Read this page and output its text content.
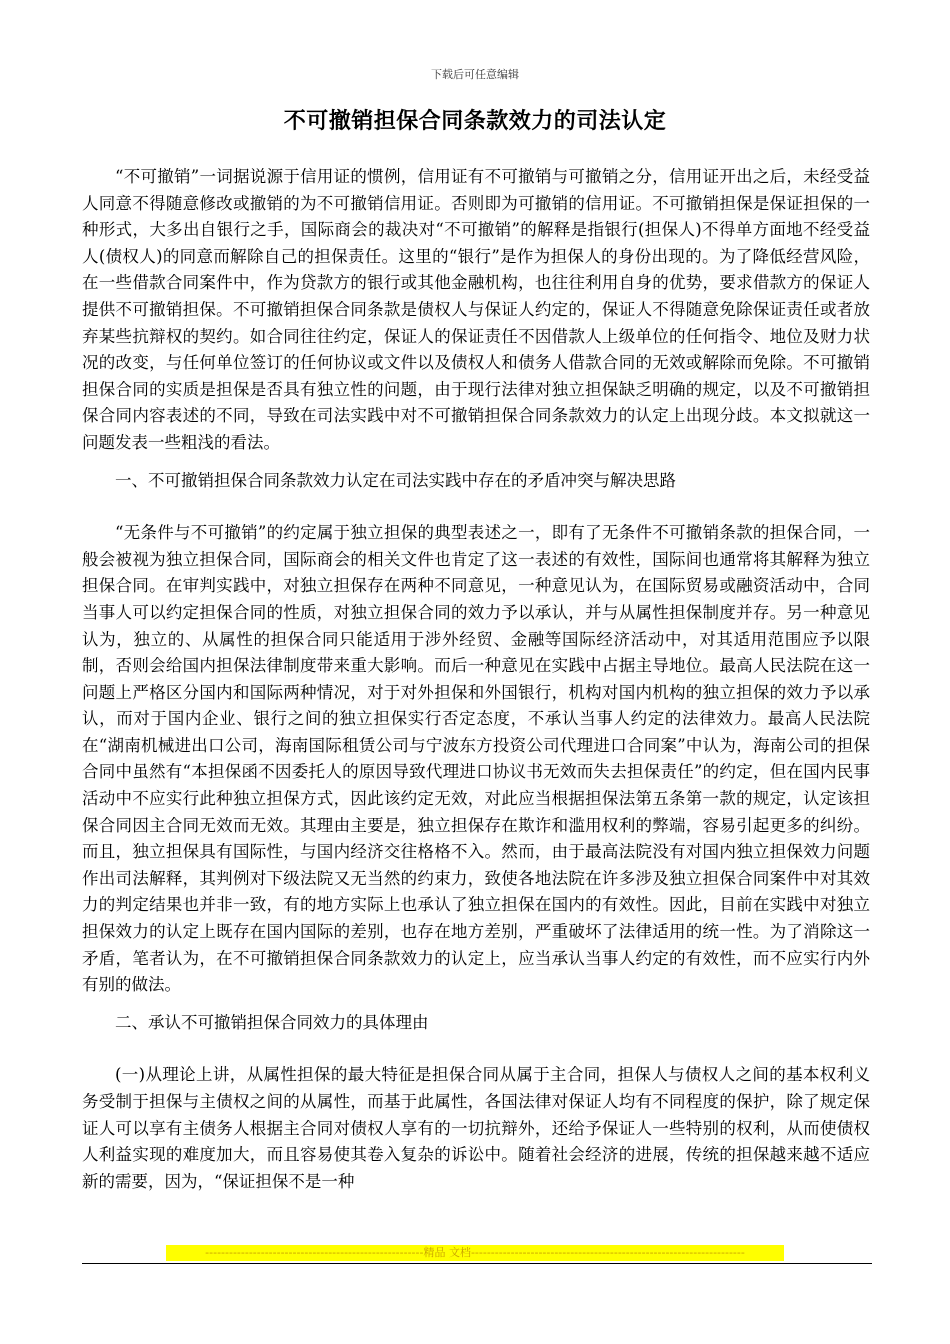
下载后可任意编辑
不可撤销担保合同条款效力的司法认定

“不可撤销”一词据说源于信用证的惯例，信用证有不可撤销与可撤销之分，信用证开出之后，未经受益人同意不得随意修改或撤销的为不可撤销信用证。否则即为可撤销的信用证。不可撤销担保是保证担保的一种形式，大多出自银行之手，国际商会的裁决对“不可撤销”的解释是指银行(担保人)不得单方面地不经受益人(债权人)的同意而解除自己的担保责任。这里的“银行”是作为担保人的身份出现的。为了降低经营风险，在一些借款合同案件中，作为贷款方的银行或其他金融机构，也往往利用自身的优势，要求借款方的保证人提供不可撤销担保。不可撤销担保合同条款是债权人与保证人约定的，保证人不得随意免除保证责任或者放弃某些抗辩权的契约。如合同往往约定，保证人的保证责任不因借款人上级单位的任何指令、地位及财力状况的改变，与任何单位签订的任何协议或文件以及债权人和债务人借款合同的无效或解除而免除。不可撤销担保合同的实质是担保是否具有独立性的问题，由于现行法律对独立担保缺乏明确的规定，以及不可撤销担保合同内容表述的不同，导致在司法实践中对不可撤销担保合同条款效力的认定上出现分歧。本文拟就这一问题发表一些粗浅的看法。

一、不可撤销担保合同条款效力认定在司法实践中存在的矛盾冲突与解决思路

“无条件与不可撤销”的约定属于独立担保的典型表述之一，即有了无条件不可撤销条款的担保合同，一般会被视为独立担保合同，国际商会的相关文件也肯定了这一表述的有效性，国际间也通常将其解释为独立担保合同。在审判实践中，对独立担保存在两种不同意见，一种意见认为，在国际贸易或融资活动中，合同当事人可以约定担保合同的性质，对独立担保合同的效力予以承认，并与从属性担保制度并存。另一种意见认为，独立的、从属性的担保合同只能适用于涉外经贸、金融等国际经济活动中，对其适用范围应予以限制，否则会给国内担保法律制度带来重大影响。而后一种意见在实践中占据主导地位。最高人民法院在这一问题上严格区分国内和国际两种情况，对于对外担保和外国银行，机构对国内机构的独立担保的效力予以承认，而对于国内企业、银行之间的独立担保实行否定态度，不承认当事人约定的法律效力。最高人民法院在“湖南机械进出口公司，海南国际租赁公司与宁波东方投资公司代理进口合同案”中认为，海南公司的担保合同中虽然有“本担保函不因委托人的原因导致代理进口协议书无效而失去担保责任”的约定，但在国内民事活动中不应实行此种独立担保方式，因此该约定无效，对此应当根据担保法第五条第一款的规定，认定该担保合同因主合同无效而无效。其理由主要是，独立担保存在欺诈和滥用权利的弊端，容易引起更多的纠纷。而且，独立担保具有国际性，与国内经济交往格格不入。然而，由于最高法院没有对国内独立担保效力问题作出司法解释，其判例对下级法院又无当然的约束力，致使各地法院在许多涉及独立担保合同案件中对其效力的判定结果也并非一致，有的地方实际上也承认了独立担保在国内的有效性。因此，目前在实践中对独立担保效力的认定上既存在国内国际的差别，也存在地方差别，严重破坏了法律适用的统一性。为了消除这一矛盾，笔者认为，在不可撤销担保合同条款效力的认定上，应当承认当事人约定的有效性，而不应实行内外有别的做法。

二、承认不可撤销担保合同效力的具体理由

(一)从理论上讲，从属性担保的最大特征是担保合同从属于主合同，担保人与债权人之间的基本权利义务受制于担保与主债权之间的从属性，而基于此属性，各国法律对保证人均有不同程度的保护，除了规定保证人可以享有主债务人根据主合同对债权人享有的一切抗辩外，还给予保证人一些特别的权利，从而使债权人利益实现的难度加大，而且容易使其卷入复杂的诉讼中。随着社会经济的进展，传统的担保越来越不适应新的需要，因为，“保证担保不是一种

-------------------------------------------------------精品 文档---------------------------------------------------------------------
